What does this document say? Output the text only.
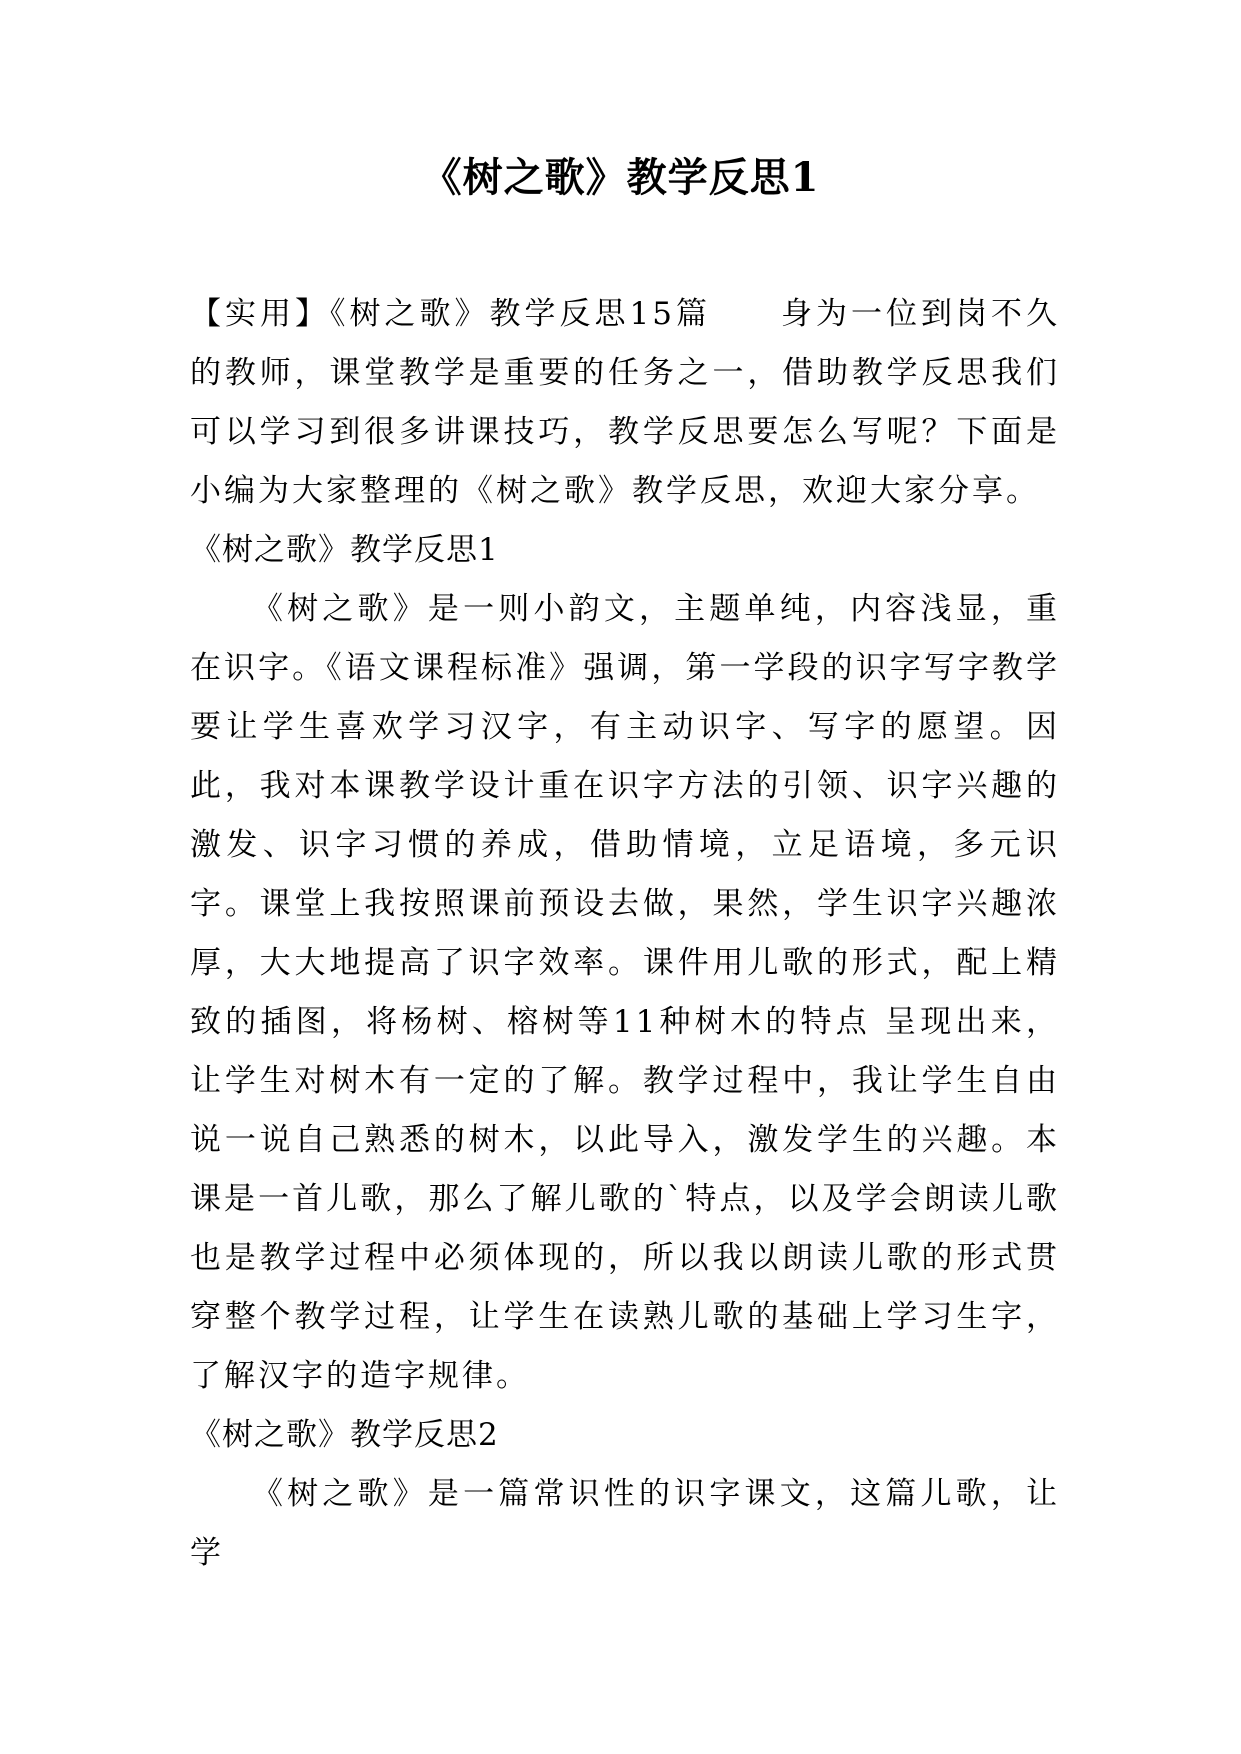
《树之歌》教学反思1

【实用】《树之歌》教学反思15篇　　身为一位到岗不久的教师，课堂教学是重要的任务之一，借助教学反思我们可以学习到很多讲课技巧，教学反思要怎么写呢？下面是小编为大家整理的《树之歌》教学反思，欢迎大家分享。

《树之歌》教学反思1

《树之歌》是一则小韵文，主题单纯，内容浅显，重在识字。《语文课程标准》强调，第一学段的识字写字教学要让学生喜欢学习汉字，有主动识字、写字的愿望。因此，我对本课教学设计重在识字方法的引领、识字兴趣的激发、识字习惯的养成，借助情境，立足语境，多元识字。课堂上我按照课前预设去做，果然，学生识字兴趣浓厚，大大地提高了识字效率。课件用儿歌的形式，配上精致的插图，将杨树、榕树等11种树木的特点 呈现出来，让学生对树木有一定的了解。教学过程中，我让学生自由说一说自己熟悉的树木，以此导入，激发学生的兴趣。本课是一首儿歌，那么了解儿歌的`特点，以及学会朗读儿歌也是教学过程中必须体现的，所以我以朗读儿歌的形式贯穿整个教学过程，让学生在读熟儿歌的基础上学习生字，了解汉字的造字规律。

《树之歌》教学反思2

《树之歌》是一篇常识性的识字课文，这篇儿歌，让学
